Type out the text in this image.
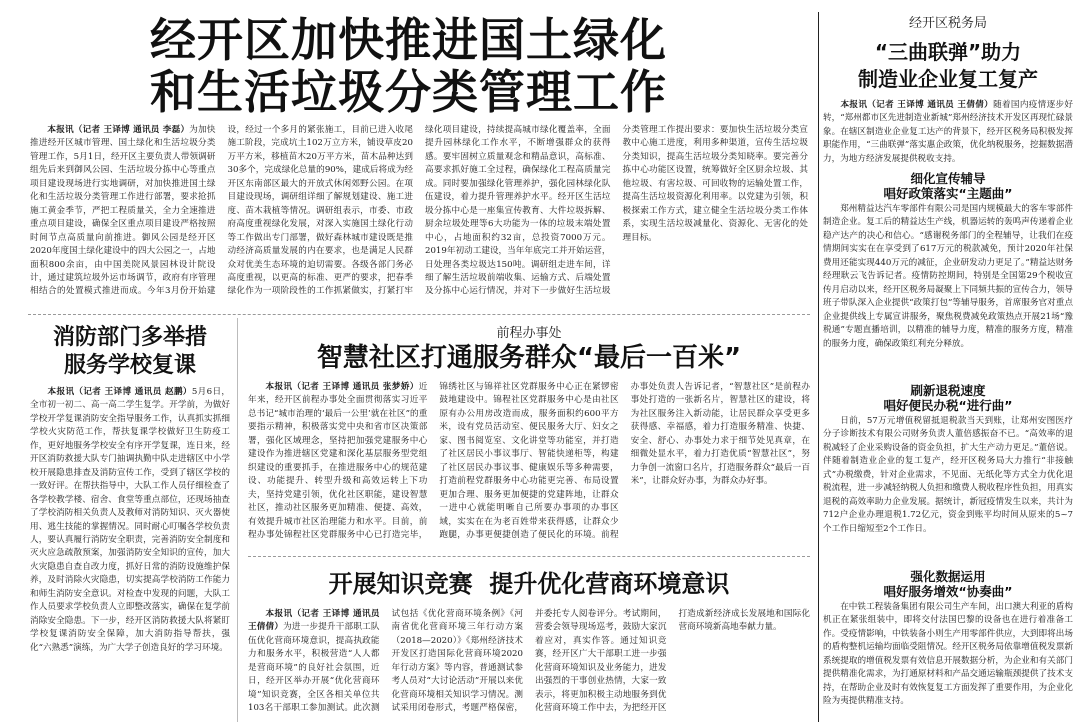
经开区加快推进国土绿化
和生活垃圾分类管理工作
本报讯（记者 王译博 通讯员 李磊）为加快推进经开区城市管理、国土绿化和生活垃圾分类管理工作，5月1日，经开区主要负责人带领调研组先后来到御风公园、生活垃圾分拣中心等重点项目建设现场进行实地调研，对加快推进国土绿化和生活垃圾分类管理工作进行部署，要求抢抓施工黄金季节，严把工程质量关，全力全速推进重点项目建设，确保全区重点项目建设严格按照时间节点高质量向前推进。御风公园是经开区2020年度国土绿化建设中的四大公园之一，占地面积800余亩，由中国美院风景园林设计院设计，通过建筑垃圾外运市场调节，政府有序管理相结合的处置模式推进而成。今年3月份开始建设，经过一个多月的紧张施工，目前已进入收尾施工阶段，完成坑土102万立方米，铺设草皮20万平方米，移植苗木20万平方米，苗木品种达到30多个，完成绿化总量的90%，建成后将成为经开区东南部区最大的开放式休闲郊野公园。在项目建设现场，调研组详细了解规划建设、施工进度、苗木栽植等情况。调研组表示，市委、市政府高度重视绿化发展，对深入实施国土绿化行动等工作做出专门部署，做好森林城市建设既是推动经济高质量发展的内在要求，也是满足人民群众对优美生态环境的迫切需要。各级各部门务必高度重视，以更高的标准、更严的要求，把春季绿化作为一项阶段性的工作抓紧做实，打紧打牢绿化项目建设，持续提高城市绿化覆盖率，全面提升园林绿化工作水平，不断增强群众的获得感。要牢固树立质量观念和精品意识，高标准、高要求抓好施工全过程，确保绿化工程高质量完成。同时要加强绿化管理养护，强化园林绿化队伍建设，着力提升管理养护水平。经开区生活垃圾分拣中心是一座集宣传教育、大件垃圾拆解、厨余垃圾处理等6大功能为一体的垃圾末端处置中心，占地面积约32亩，总投资7000万元。2019年初动工建设，当年年底完工并开始运营，日处理各类垃圾达150吨。调研组走进车间，详细了解生活垃圾前端收集、运输方式、后端处置及分拣中心运行情况，并对下一步做好生活垃圾分类管理工作提出要求：要加快生活垃圾分类宣教中心施工进度，利用多种渠道，宣传生活垃圾分类知识，提高生活垃圾分类知晓率。要完善分拣中心功能区设置，统筹做好全区厨余垃圾、其他垃圾、有害垃圾、可回收物的运输处置工作，提高生活垃圾资源化利用率。以党建为引领，积极探索工作方式，建立健全生活垃圾分类工作体系，实现生活垃圾减量化、资源化、无害化的处理目标。
消防部门多举措
服务学校复课
本报讯（记者 王译博 通讯员 赵鹏）5月6日，全市初一初二、高一高二学生复学。开学前，为做好学校开学复课消防安全指导服务工作，认真抓实抓细学校火灾防范工作，帮扶复课学校做好卫生防疫工作，更好地服务学校安全有序开学复课，连日来，经开区消防救援大队专门抽调执勤中队走进辖区中小学校开展隐患排查及消防宣传工作，受到了辖区学校的一致好评。在帮扶指导中，大队工作人员仔细检查了各学校教学楼、宿舍、食堂等重点部位，还现场抽查了学校消防相关负责人及教师对消防知识、灭火器使用、逃生技能的掌握情况。同时耐心叮嘱各学校负责人，要认真履行消防安全职责，完善消防安全制度和灭火应急疏散预案，加强消防安全知识的宣传，加大火灾隐患自查自改力度，抓好日常的消防设施维护保养，及时消除火灾隐患，切实提高学校消防工作能力和师生消防安全意识。对检查中发现的问题，大队工作人员要求学校负责人立即整改落实，确保在复学前消除安全隐患。下一步，经开区消防救援大队将紧盯学校复课消防安全保障，加大消防指导帮扶，强化“六熟悉”演练，为广大学子创造良好的学习环境。
前程办事处
智慧社区打通服务群众“最后一百米”
本报讯（记者 王译博 通讯员 张梦娇）近年来，经开区前程办事处全面贯彻落实习近平总书记“城市治理的‘最后一公里’就在社区”的重要指示精神，积极落实党中央和省市区决策部署，强化区域理念，坚持把加强党建服务中心建设作为推进辖区党建和深化基层服务型党组织建设的重要抓手，在推进服务中心的规范建设、功能提升、转型升级和高效运转上下功夫，坚持党建引领，优化社区职能，建设智慧社区，推动社区服务更加精准、便捷、高效，有效提升城市社区治理能力和水平。目前，前程办事处锦程社区党群服务中心已打造完毕，锦绣社区与锦祥社区党群服务中心正在紧锣密鼓地建设中。锦程社区党群服务中心是由社区原有办公用房改造而成，服务面积约600平方米，设有党员活动室、便民服务大厅、妇女之家、图书阅览室、文化讲堂等功能室，并打造了社区居民小事议事厅、智能快递柜等，构建了社区居民办事议事、健康娱乐等多种需要，打造前程党群服务中心功能更完善、布局设置更加合理、服务更加便捷的党建阵地，让群众一进中心就能明晰自己所要办事项的办事区域，实实在在为老百姓带来获得感，让群众少跑腿，办事更便捷创造了便民化的环境。前程办事处负责人告诉记者，“智慧社区”是前程办事处打造的一张新名片，智慧社区的建设，将为社区服务注入新动能，让居民群众享受更多获得感、幸福感，着力打造服务精准、快捷、安全、舒心、办事处力求于细节处见真章，在细微处显水平，着力打造优质“智慧社区”，努力争创一流窗口名片，打造服务群众“最后一百米”，让群众好办事，为群众办好事。
开展知识竞赛  提升优化营商环境意识
本报讯（记者 王译博 通讯员 王倩倩）为进一步提升干部职工队伍优化营商环境意识，提高执政能力和服务水平，积极营造“人人都是营商环境”的良好社会氛围，近日，经开区举办开展“优化营商环境”知识竞赛，全区各相关单位共103名干部职工参加测试。此次测试包括《优化营商环境条例》《河南省优化营商环境三年行动方案（2018—2020）》《郑州经济技术开发区打造国际化营商环境2020年行动方案》等内容，普通测试参考人员对“大讨论活动”开展以来优化营商环境相关知识学习情况。测试采用闭卷形式，考题严格保密，并委托专人阅卷评分。考试期间，营委会领导现场巡考，鼓励大家沉着应对，真实作答。通过知识竞赛，经开区广大干部职工进一步强化营商环境知识及业务能力，进发出强烈的干事创业热情，大家一致表示，将更加积极主动地服务到优化营商环境工作中去，为把经开区打造成新经济成长发展地和国际化营商环境新高地奉献力量。
经开区税务局
“三曲联弹”助力
制造业企业复工复产
本报讯（记者 王译博 通讯员 王倩倩）随着国内疫情逐步好转，“郑州都市区先进制造业新城”郑州经济技术开发区再现忙碌景象。在辖区制造业企业复工达产的背景下，经开区税务局积极发挥职能作用，“三曲联弹”落实惠企政策，优化纳税服务，挖掘数据潜力，为地方经济发展提供税收支持。
细化宣传辅导
唱好政策落实“主题曲”
郑州精益达汽车零部件有限公司是国内规模最大的客车零部件制造企业。复工后的精益达生产线，机器运转的轰鸣声传递着企业稳产达产的决心和信心。“感谢税务部门的全程辅导，让我们在疫情期间实实在在享受到了617万元的税款减免，预计2020年社保费用还能实现440万元的减征，企业研发动力更足了。”精益达财务经理耿云飞告诉记者。疫情防控期间，特别是全国第29个税收宣传月启动以来，经开区税务局凝聚上下同频共振的宣传合力，领导班子带队深入企业提供“政策打包”等辅导服务，首席服务官对重点企业提供线上专属宣讲服务，聚焦税费减免政策热点开展21场“豫税通”专题直播培训，以精准的辅导力度，精准的服务方度，精准的服务力度，确保政策红利充分释放。
刷新退税速度
唱好便民办税“进行曲”
日前，57万元增值税留抵退税款当天到账，让郑州安图医疗分子诊断技术有限公司财务负责人董倍感振奋不已。“高效率的退税减轻了企业采购设备的资金负担，扩大生产动力更足。”董倍说。伴随着制造业企业的复工复产，经开区税务局大力推行“非接触式”办税缴费，针对企业需求，不见面、无纸化等方式全力优化退税流程，进一步减轻纳税人负担和缴费人税收程序性负担，用真实退税的高效率助力企业发展。据统计，新冠疫情发生以来，共计为712户企业办理退税1.72亿元，资金到账平均时间从原来的5~7个工作日缩短至2个工作日。
强化数据运用
唱好服务增效“协奏曲”
在中铁工程装备集团有限公司生产车间，出口澳大利亚的盾构机正在紧张组装中，即将交付法国巴黎的设备也在进行着准备工作。受疫情影响，中铁装备小则生产用零部件供应，大到即将出场的盾构整机运输均面临受阻情况。经开区税务局依靠增值税发票新系统提取的增值税发票有效信息开展数据分析，为企业和有关部门提供精准化需求，为打通原材料和产品交通运输瓶颈提供了技术支持，在帮助企业及时有效恢复复工方面发挥了重要作用，为企业化险为夷提供精准支持。
